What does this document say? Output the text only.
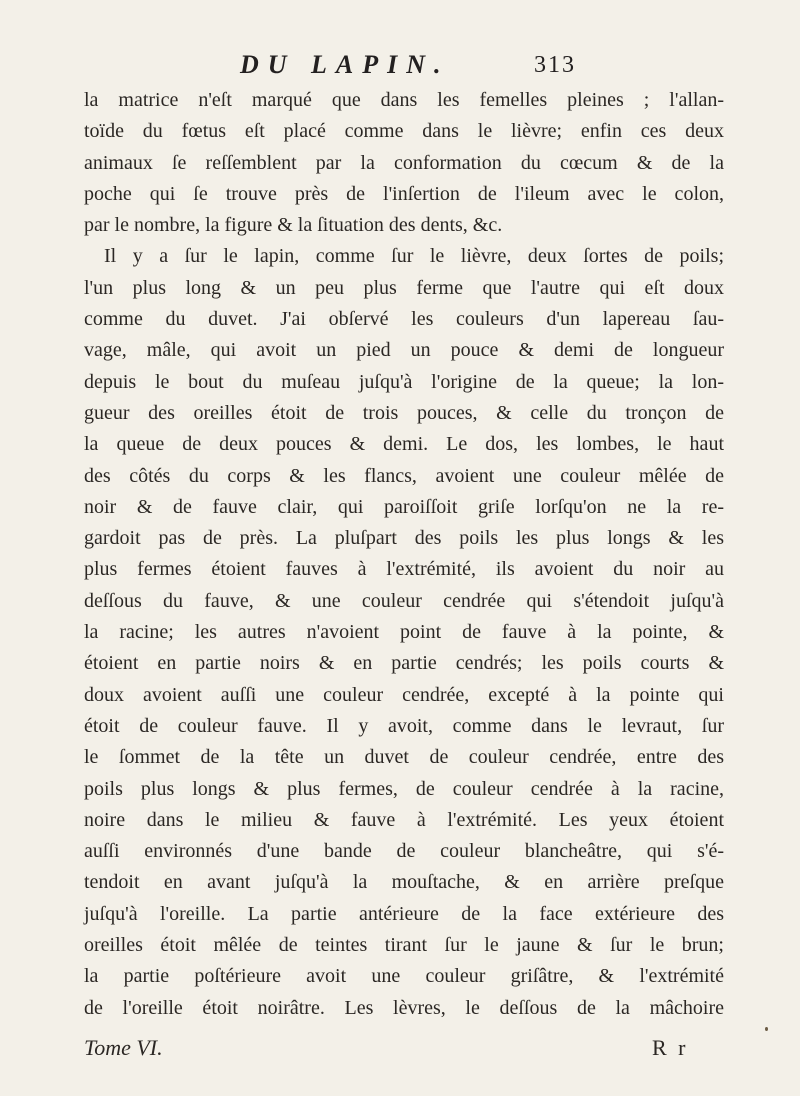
DU LAPIN.	313
la matrice n'eſt marqué que dans les femelles pleines ; l'allan-
toïde du fœtus eſt placé comme dans le lièvre; enfin ces deux
animaux ſe reſſemblent par la conformation du cœcum & de la
poche qui ſe trouve près de l'inſertion de l'ileum avec le colon,
par le nombre, la figure & la ſituation des dents, &c.
Il y a ſur le lapin, comme ſur le lièvre, deux ſortes de poils;
l'un plus long & un peu plus ferme que l'autre qui eſt doux
comme du duvet. J'ai obſervé les couleurs d'un lapereau ſau-
vage, mâle, qui avoit un pied un pouce & demi de longueur
depuis le bout du muſeau juſqu'à l'origine de la queue; la lon-
gueur des oreilles étoit de trois pouces, & celle du tronçon de
la queue de deux pouces & demi. Le dos, les lombes, le haut
des côtés du corps & les flancs, avoient une couleur mêlée de
noir & de fauve clair, qui paroiſſoit griſe lorſqu'on ne la re-
gardoit pas de près. La pluſpart des poils les plus longs & les
plus fermes étoient fauves à l'extrémité, ils avoient du noir au
deſſous du fauve, & une couleur cendrée qui s'étendoit juſqu'à
la racine; les autres n'avoient point de fauve à la pointe, &
étoient en partie noirs & en partie cendrés; les poils courts &
doux avoient auſſi une couleur cendrée, excepté à la pointe qui
étoit de couleur fauve. Il y avoit, comme dans le levraut, ſur
le ſommet de la tête un duvet de couleur cendrée, entre des
poils plus longs & plus fermes, de couleur cendrée à la racine,
noire dans le milieu & fauve à l'extrémité. Les yeux étoient
auſſi environnés d'une bande de couleur blancheâtre, qui s'é-
tendoit en avant juſqu'à la mouſtache, & en arrière preſque
juſqu'à l'oreille. La partie antérieure de la face extérieure des
oreilles étoit mêlée de teintes tirant ſur le jaune & ſur le brun;
la partie poſtérieure avoit une couleur griſâtre, & l'extrémité
de l'oreille étoit noirâtre. Les lèvres, le deſſous de la mâchoire
Tome VI.	R r
